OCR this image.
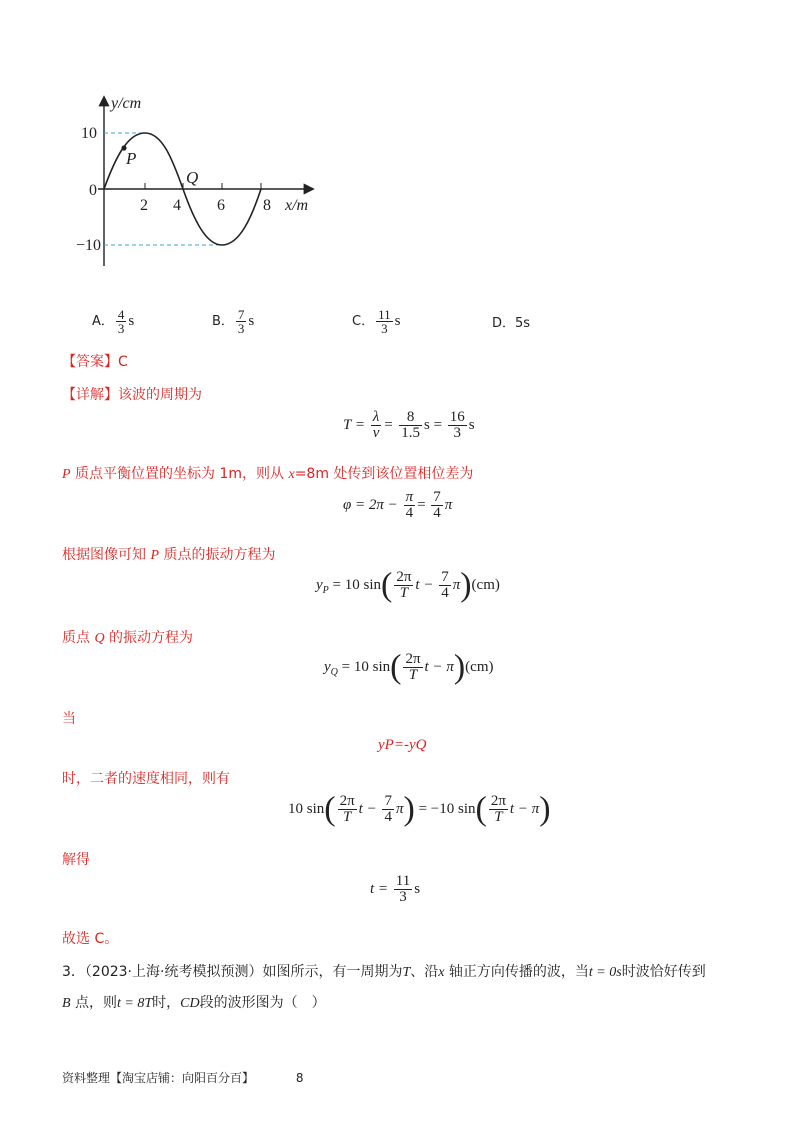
P
Q
y/cm
x/m
0
10
−10
2 4 6 8
A． $\frac{4}{3}$ s	B． $\frac{7}{3}$ s	C． $\frac{11}{3}$ s	D．5s
【答案】C
【详解】该波的周期为
$T = \frac{\lambda}{v} = \frac{8}{1.5}$ $s = \frac{16}{3}$ s
P 质点平衡位置的坐标为 1m，则从 x=8m 处传到该位置相位差为
$\varphi = 2\pi - \frac{\pi}{4} = \frac{7}{4}$ π
根据图像可知 P 质点的振动方程为
$y_P = 10$ $\sin( \frac{2\pi}{T}$ $t - \frac{7}{4} \pi)(cm)$
质点 Q 的振动方程为
$y_Q = 10$ $\sin( \frac{2\pi}{T}$ t − π)(cm)
当
yP=-yQ
时，二者的速度相同，则有
10 $\sin( \frac{2\pi}{T}$ $t - \frac{7}{4} \pi) = -10$ $\sin( \frac{2\pi}{T}$ t − π)
解得
$t = \frac{11}{3}$ s
故选 C。
3．（2023·上海·统考模拟预测）如图所示，有一周期为T、沿x 轴正方向传播的波，当t = 0s时波恰好传到
B 点，则t = 8T时，CD段的波形图为（　）
资料整理【淘宝店铺：向阳百分百】	8
